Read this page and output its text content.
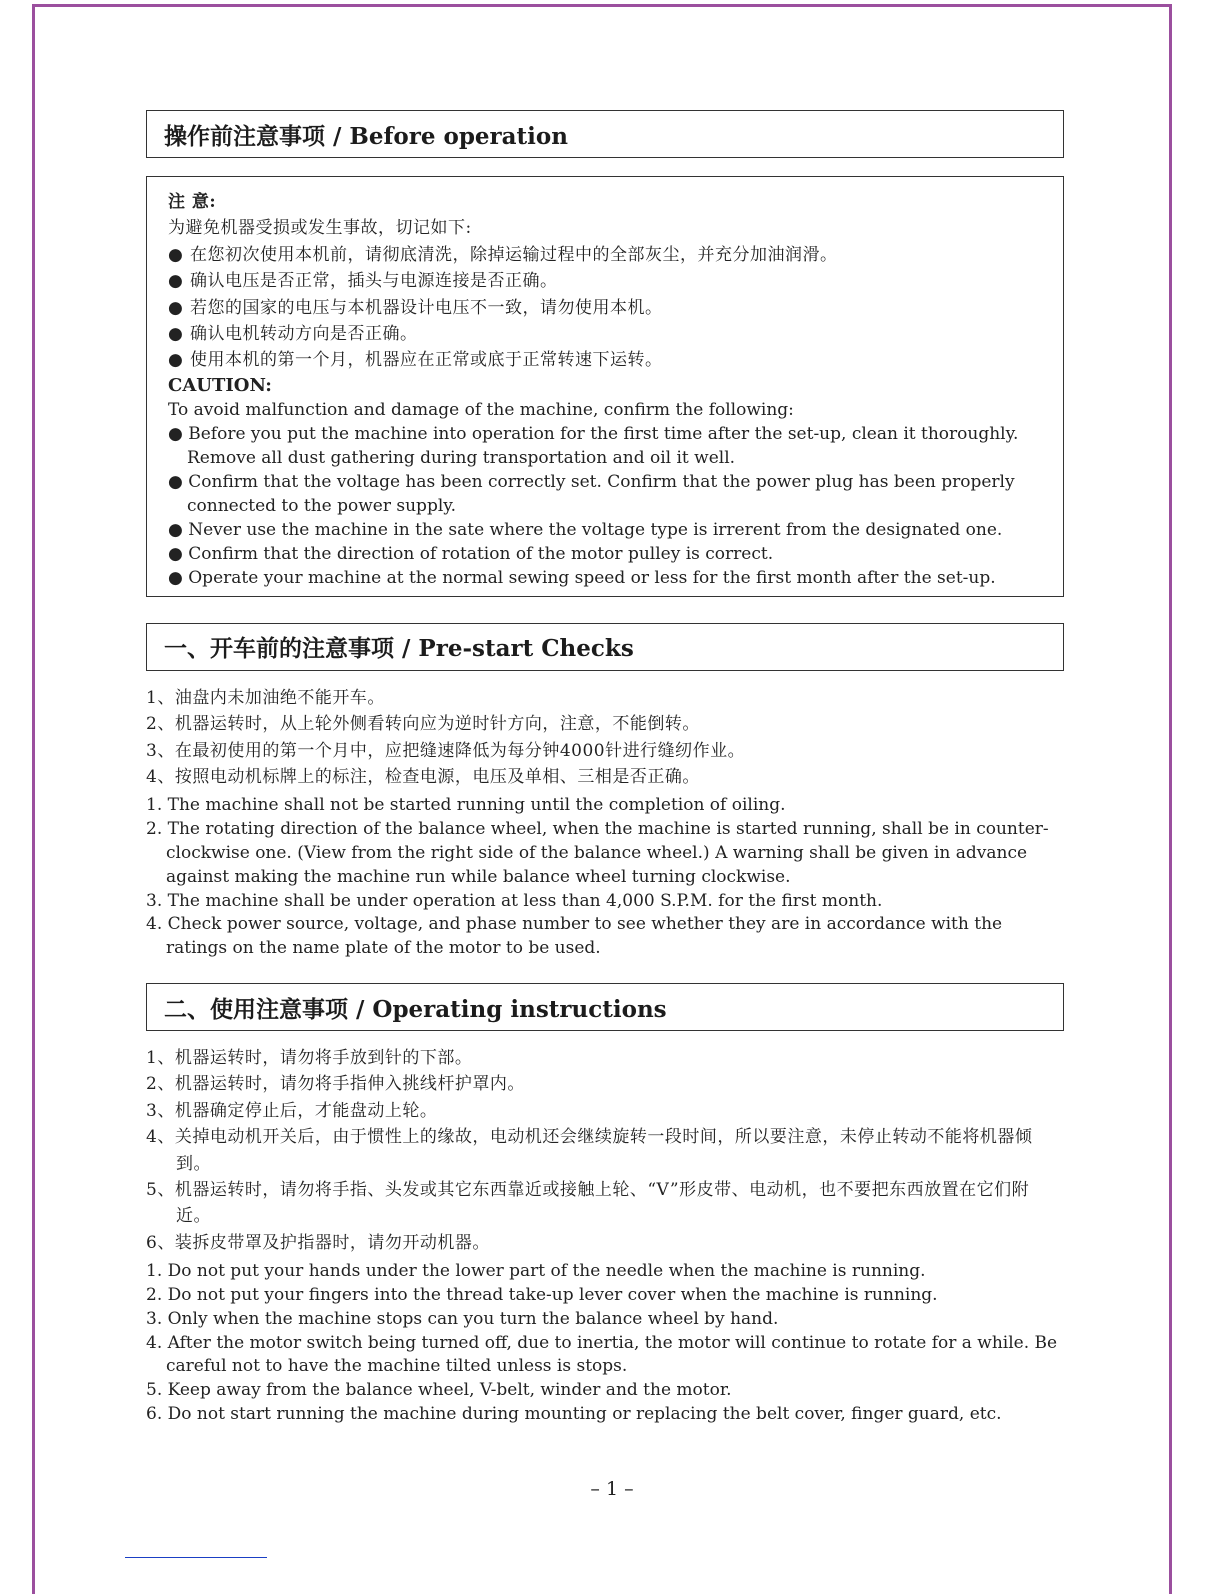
操作前注意事项 / Before operation
注 意:
为避免机器受损或发生事故，切记如下:
● 在您初次使用本机前，请彻底清洗，除掉运输过程中的全部灰尘，并充分加油润滑。
● 确认电压是否正常，插头与电源连接是否正确。
● 若您的国家的电压与本机器设计电压不一致，请勿使用本机。
● 确认电机转动方向是否正确。
● 使用本机的第一个月，机器应在正常或底于正常转速下运转。
CAUTION:
To avoid malfunction and damage of the machine, confirm the following:
● Before you put the machine into operation for the first time after the set-up, clean it thoroughly. Remove all dust gathering during transportation and oil it well.
● Confirm that the voltage has been correctly set. Confirm that the power plug has been properly connected to the power supply.
● Never use the machine in the sate where the voltage type is irrerent from the designated one.
● Confirm that the direction of rotation of the motor pulley is correct.
● Operate your machine at the normal sewing speed or less for the first month after the set-up.
一、开车前的注意事项 / Pre-start Checks
1、油盘内未加油绝不能开车。
2、机器运转时，从上轮外侧看转向应为逆时针方向，注意，不能倒转。
3、在最初使用的第一个月中，应把缝速降低为每分钟4000针进行缝纫作业。
4、按照电动机标牌上的标注，检查电源，电压及单相、三相是否正确。
1. The machine shall not be started running until the completion of oiling.
2. The rotating direction of the balance wheel, when the machine is started running, shall be in counter-clockwise one. (View from the right side of the balance wheel.) A warning shall be given in advance against making the machine run while balance wheel turning clockwise.
3. The machine shall be under operation at less than 4,000 S.P.M. for the first month.
4. Check power source, voltage, and phase number to see whether they are in accordance with the ratings on the name plate of the motor to be used.
二、使用注意事项 / Operating instructions
1、机器运转时，请勿将手放到针的下部。
2、机器运转时，请勿将手指伸入挑线杆护罩内。
3、机器确定停止后，才能盘动上轮。
4、关掉电动机开关后，由于惯性上的缘故，电动机还会继续旋转一段时间，所以要注意，未停止转动不能将机器倾到。
5、机器运转时，请勿将手指、头发或其它东西靠近或接触上轮、“V”形皮带、电动机，也不要把东西放置在它们附近。
6、装拆皮带罩及护指器时，请勿开动机器。
1. Do not put your hands under the lower part of the needle when the machine is running.
2. Do not put your fingers into the thread take-up lever cover when the machine is running.
3. Only when the machine stops can you turn the balance wheel by hand.
4. After the motor switch being turned off, due to inertia, the motor will continue to rotate for a while. Be careful not to have the machine tilted unless is stops.
5. Keep away from the balance wheel, V-belt, winder and the motor.
6. Do not start running the machine during mounting or replacing the belt cover, finger guard, etc.
– 1 –
